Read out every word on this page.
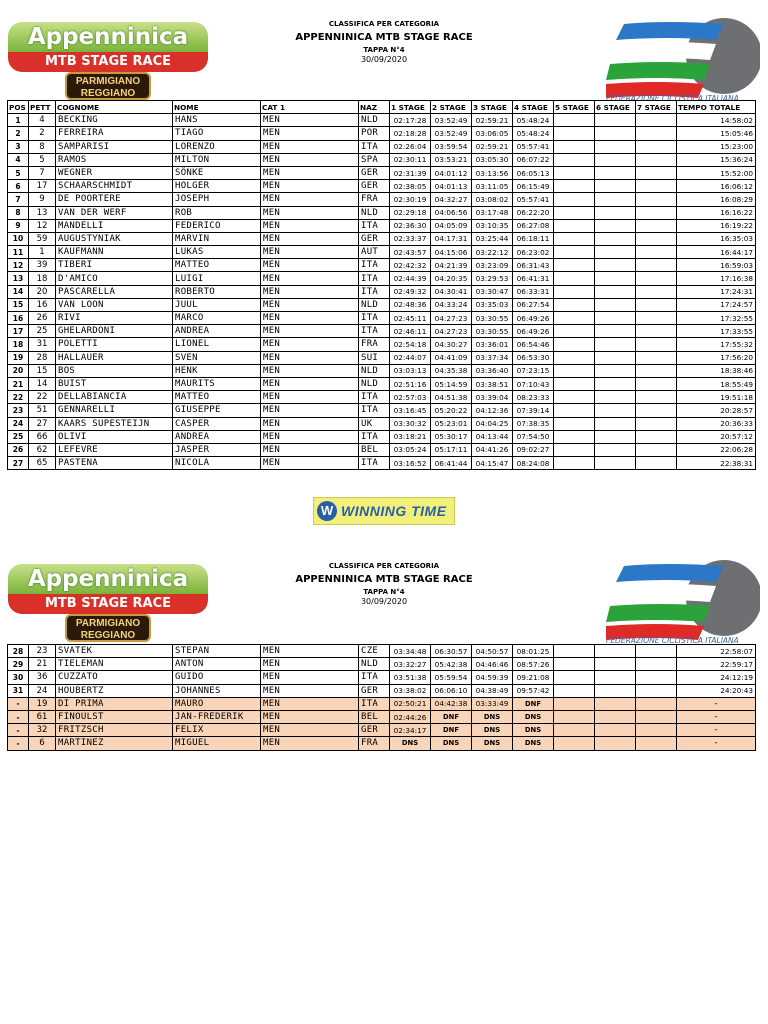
Appenninica
MTB STAGE RACE
PARMIGIANO
REGGIANO
CLASSIFICA PER CATEGORIA
APPENNINICA MTB STAGE RACE
TAPPA N°4
30/09/2020
FEDERAZIONE CICLISTICA ITALIANA
POS	PETT	COGNOME	NOME	CAT 1	NAZ	1 STAGE	2 STAGE	3 STAGE	4 STAGE	5 STAGE	6 STAGE	7 STAGE	TEMPO TOTALE
1	4	BECKING	HANS	MEN	NLD	02:17:28	03:52:49	02:59:21	05:48:24				14:58:02
2	2	FERREIRA	TIAGO	MEN	POR	02:18:28	03:52:49	03:06:05	05:48:24				15:05:46
3	8	SAMPARISI	LORENZO	MEN	ITA	02:26:04	03:59:54	02:59:21	05:57:41				15:23:00
4	5	RAMOS	MILTON	MEN	SPA	02:30:11	03:53:21	03:05:30	06:07:22				15:36:24
5	7	WEGNER	SÖNKE	MEN	GER	02:31:39	04:01:12	03:13:56	06:05:13				15:52:00
6	17	SCHAARSCHMIDT	HOLGER	MEN	GER	02:38:05	04:01:13	03:11:05	06:15:49				16:06:12
7	9	DE POORTERE	JOSEPH	MEN	FRA	02:30:19	04:32:27	03:08:02	05:57:41				16:08:29
8	13	VAN DER WERF	ROB	MEN	NLD	02:29:18	04:06:56	03:17:48	06:22:20				16:16:22
9	12	MANDELLI	FEDERICO	MEN	ITA	02:36:30	04:05:09	03:10:35	06:27:08				16:19:22
10	59	AUGUSTYNIAK	MARVIN	MEN	GER	02:33:37	04:17:31	03:25:44	06:18:11				16:35:03
11	1	KAUFMANN	LUKAS	MEN	AUT	02:43:57	04:15:06	03:22:12	06:23:02				16:44:17
12	39	TIBERI	MATTEO	MEN	ITA	02:42:32	04:21:39	03:23:09	06:31:43				16:59:03
13	18	D'AMICO	LUIGI	MEN	ITA	02:44:39	04:20:35	03:29:53	06:41:31				17:16:38
14	20	PASCARELLA	ROBERTO	MEN	ITA	02:49:32	04:30:41	03:30:47	06:33:31				17:24:31
15	16	VAN LOON	JUUL	MEN	NLD	02:48:36	04:33:24	03:35:03	06:27:54				17:24:57
16	26	RIVI	MARCO	MEN	ITA	02:45:11	04:27:23	03:30:55	06:49:26				17:32:55
17	25	GHELARDONI	ANDREA	MEN	ITA	02:46:11	04:27:23	03:30:55	06:49:26				17:33:55
18	31	POLETTI	LIONEL	MEN	FRA	02:54:18	04:30:27	03:36:01	06:54:46				17:55:32
19	28	HALLAUER	SVEN	MEN	SUI	02:44:07	04:41:09	03:37:34	06:53:30				17:56:20
20	15	BOS	HENK	MEN	NLD	03:03:13	04:35:38	03:36:40	07:23:15				18:38:46
21	14	BUIST	MAURITS	MEN	NLD	02:51:16	05:14:59	03:38:51	07:10:43				18:55:49
22	22	DELLABIANCIA	MATTEO	MEN	ITA	02:57:03	04:51:38	03:39:04	08:23:33				19:51:18
23	51	GENNARELLI	GIUSEPPE	MEN	ITA	03:16:45	05:20:22	04:12:36	07:39:14				20:28:57
24	27	KAARS SUPESTEIJN	CASPER	MEN	UK	03:30:32	05:23:01	04:04:25	07:38:35				20:36:33
25	66	OLIVI	ANDREA	MEN	ITA	03:18:21	05:30:17	04:13:44	07:54:50				20:57:12
26	62	LEFEVRE	JASPER	MEN	BEL	03:05:24	05:17:11	04:41:26	09:02:27				22:06:28
27	65	PASTENA	NICOLA	MEN	ITA	03:16:52	06:41:44	04:15:47	08:24:08				22:38:31
W WINNING TIME
Appenninica
MTB STAGE RACE
PARMIGIANO
REGGIANO
CLASSIFICA PER CATEGORIA
APPENNINICA MTB STAGE RACE
TAPPA N°4
30/09/2020
FEDERAZIONE CICLISTICA ITALIANA
28	23	SVATEK	STEPAN	MEN	CZE	03:34:48	06:30:57	04:50:57	08:01:25				22:58:07
29	21	TIELEMAN	ANTON	MEN	NLD	03:32:27	05:42:38	04:46:46	08:57:26				22:59:17
30	36	CUZZATO	GUIDO	MEN	ITA	03:51:38	05:59:54	04:59:39	09:21:08				24:12:19
31	24	HOUBERTZ	JOHANNES	MEN	GER	03:38:02	06:06:10	04:38:49	09:57:42				24:20:43
-	19	DI PRIMA	MAURO	MEN	ITA	02:50:21	04:42:38	03:33:49	DNF				-
-	61	FINOULST	JAN-FREDERIK	MEN	BEL	02:44:26	DNF	DNS	DNS				-
-	32	FRITZSCH	FELIX	MEN	GER	02:34:17	DNF	DNS	DNS				-
-	6	MARTINEZ	MIGUEL	MEN	FRA	DNS	DNS	DNS	DNS				-
